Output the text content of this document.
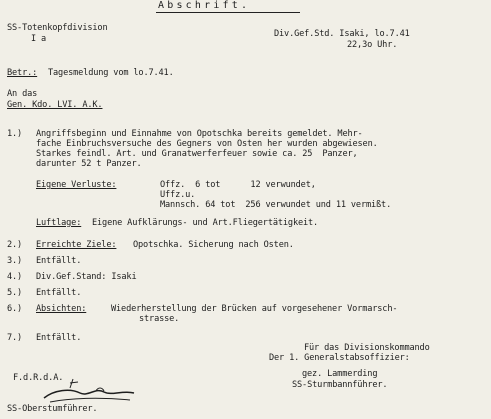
Abschrift.
SS-Totenkopfdivision
I a	Div.Gef.Std. Isaki, lo.7.41
22,3o Uhr.
Betr.: Tagesmeldung vom lo.7.41.
An das
Gen. Kdo. LVI. A.K.
1.) Angriffsbeginn und Einnahme von Opotschka bereits gemeldet. Mehr-
fache Einbruchsversuche des Gegners von Osten her wurden abgewiesen.
Starkes feindl. Art. und Granatwerferfeuer sowie ca. 25  Panzer,
darunter 52 t Panzer.
Eigene Verluste:	Offz.  6 tot      12 verwundet,
Uffz.u.
Mannsch. 64 tot  256 verwundet und 11 vermißt.
Luftlage: Eigene Aufklärungs- und Art.Fliegertätigkeit.
2.) Erreichte Ziele: Opotschka. Sicherung nach Osten.
3.) Entfällt.
4.) Div.Gef.Stand: Isaki
5.) Entfällt.
6.) Absichten:	Wiederherstellung der Brücken auf vorgesehener Vormarsch-
strasse.
7.) Entfällt.
Für das Divisionskommando
Der 1. Generalstabsoffizier:
gez. Lammerding
SS-Sturmbannführer.
F.d.R.d.A.
SS-Oberstumführer.
